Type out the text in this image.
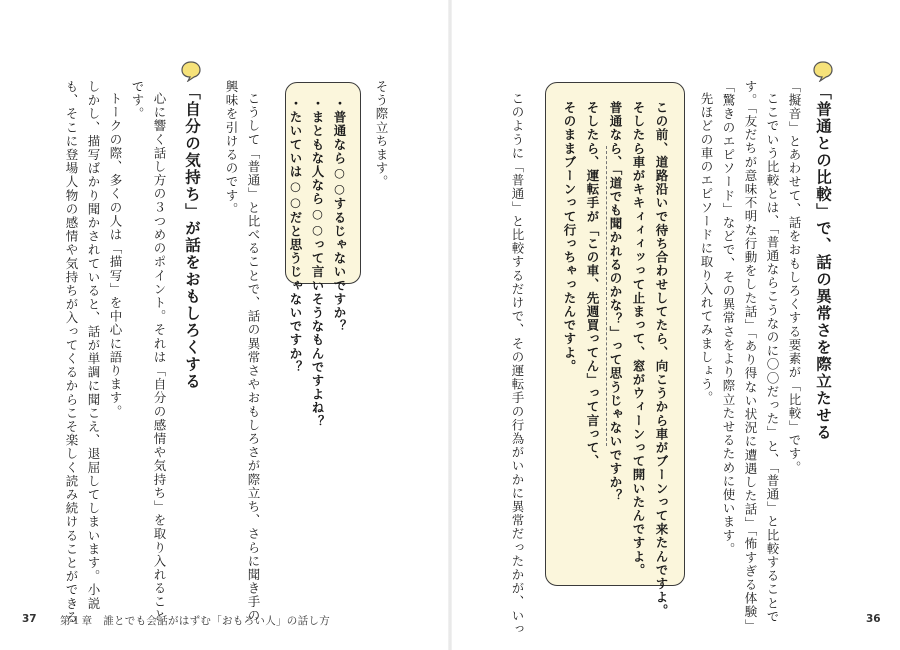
「普通との比較」で、話の異常さを際立たせる
「擬音」とあわせて、話をおもしろくする要素が「比較」です。
ここでいう比較とは、「普通ならこうなのに〇〇だった」と、「普通」と比較することで
す。「友だちが意味不明な行動をした話」「あり得ない状況に遭遇した話」「怖すぎる体験」
「驚きのエピソード」などで、その異常さをより際立たせるために使います。
先ほどの車のエピソードに取り入れてみましょう。
この前、道路沿いで待ち合わせしてたら、向こうから車がブーンって来たんですよ。
そしたら車がキキィィィッって止まって、窓がウィーンって開いたんですよ。
普通なら、「道でも聞かれるのかな？」って思うじゃないですか？
そしたら、運転手が「この車、先週買ってん」って言って、
そのままブーンって行っちゃったんですよ。
このように「普通」と比較するだけで、その運転手の行為がいかに異常だったかが、いっ	36
そう際立ちます。
・普通なら○○するじゃないですか？
・まともな人なら○○って言いそうなもんですよね？
・たいていは○○だと思うじゃないですか？
こうして「普通」と比べることで、話の異常さやおもしろさが際立ち、さらに聞き手の
興味を引けるのです。
「自分の気持ち」が話をおもしろくする
心に響く話し方の３つめのポイント。それは「自分の感情や気持ち」を取り入れること
です。
トークの際、多くの人は「描写」を中心に語ります。
しかし、描写ばかり聞かされていると、話が単調に聞こえ、退屈してしまいます。小説
も、そこに登場人物の感情や気持ちが入ってくるからこそ楽しく読み続けることができる
37 第１章　誰とでも会話がはずむ「おもろい人」の話し方
